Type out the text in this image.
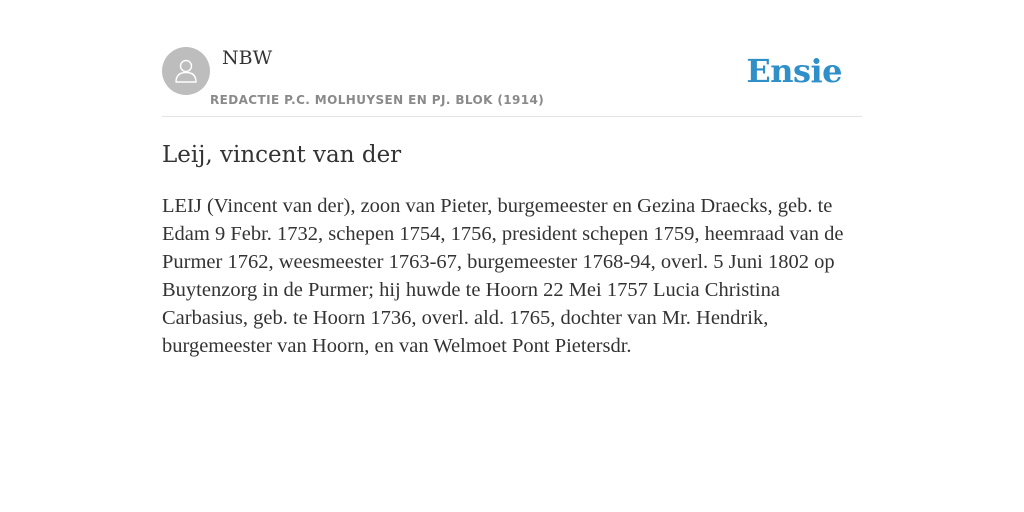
NBW
REDACTIE P.C. MOLHUYSEN EN PJ. BLOK (1914)
Ensie
Leij, vincent van der

LEIJ (Vincent van der), zoon van Pieter, burgemeester en Gezina Draecks, geb. te Edam 9 Febr. 1732, schepen 1754, 1756, president schepen 1759, heemraad van de Purmer 1762, weesmeester 1763-67, burgemeester 1768-94, overl. 5 Juni 1802 op Buytenzorg in de Purmer; hij huwde te Hoorn 22 Mei 1757 Lucia Christina Carbasius, geb. te Hoorn 1736, overl. ald. 1765, dochter van Mr. Hendrik, burgemeester van Hoorn, en van Welmoet Pont Pietersdr.
